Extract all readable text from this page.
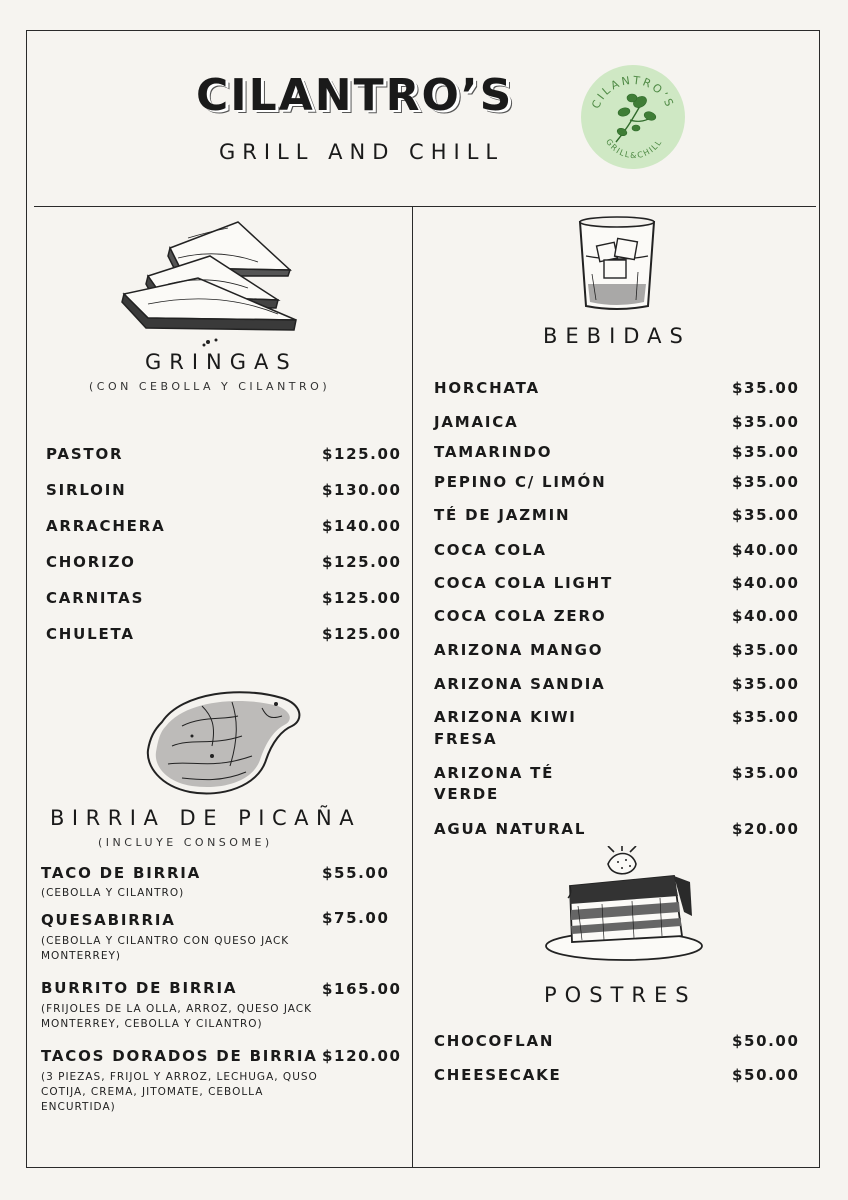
CILANTRO’S
GRILL AND CHILL
CILANTRO’S
GRILL&CHILL
GRINGAS
(CON CEBOLLA Y CILANTRO)
PASTOR	$125.00
SIRLOIN	$130.00
ARRACHERA	$140.00
CHORIZO	$125.00
CARNITAS	$125.00
CHULETA	$125.00
BIRRIA DE PICAÑA
(INCLUYE CONSOME)
TACO DE BIRRIA	$55.00
(CEBOLLA Y CILANTRO)
QUESABIRRIA	$75.00
(CEBOLLA Y CILANTRO CON QUESO JACK MONTERREY)
BURRITO DE BIRRIA	$165.00
(FRIJOLES DE LA OLLA, ARROZ, QUESO JACK MONTERREY, CEBOLLA Y CILANTRO)
TACOS DORADOS DE BIRRIA $120.00
(3 PIEZAS, FRIJOL Y ARROZ, LECHUGA, QUSO COTIJA, CREMA, JITOMATE, CEBOLLA ENCURTIDA)
BEBIDAS
HORCHATA	$35.00
JAMAICA	$35.00
TAMARINDO	$35.00
PEPINO C/ LIMÓN	$35.00
TÉ DE JAZMIN	$35.00
COCA COLA	$40.00
COCA COLA LIGHT	$40.00
COCA COLA ZERO	$40.00
ARIZONA MANGO	$35.00
ARIZONA SANDIA	$35.00
ARIZONA KIWI
FRESA
$35.00
ARIZONA TÉ
VERDE
$35.00
AGUA NATURAL	$20.00
POSTRES
CHOCOFLAN	$50.00
CHEESECAKE	$50.00
